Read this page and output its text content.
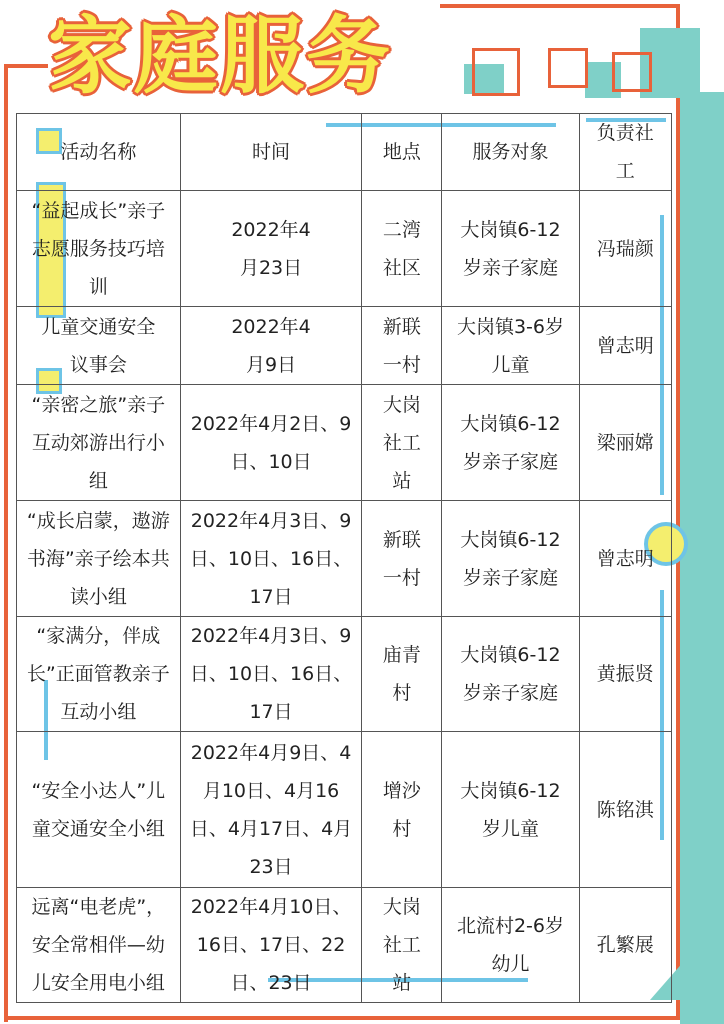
家庭服务
活动名称	时间	地点	服务对象	负责社工
“益起成长”亲子志愿服务技巧培训	2022年4月23日	二湾社区	大岗镇6-12岁亲子家庭	冯瑞颜
儿童交通安全议事会	2022年4月9日	新联一村	大岗镇3-6岁儿童	曾志明
“亲密之旅”亲子互动郊游出行小组	2022年4月2日、9日、10日	大岗社工站	大岗镇6-12岁亲子家庭	梁丽嫦
“成长启蒙，遨游书海”亲子绘本共读小组	2022年4月3日、9日、10日、16日、17日	新联一村	大岗镇6-12岁亲子家庭	曾志明
“家满分，伴成长”正面管教亲子互动小组	2022年4月3日、9日、10日、16日、17日	庙青村	大岗镇6-12岁亲子家庭	黄振贤
“安全小达人”儿童交通安全小组	2022年4月9日、4月10日、4月16日、4月17日、4月23日	增沙村	大岗镇6-12岁儿童	陈铭淇
远离“电老虎”，安全常相伴—幼儿安全用电小组	2022年4月10日、16日、17日、22日、23日	大岗社工站	北流村2-6岁幼儿	孔繁展
